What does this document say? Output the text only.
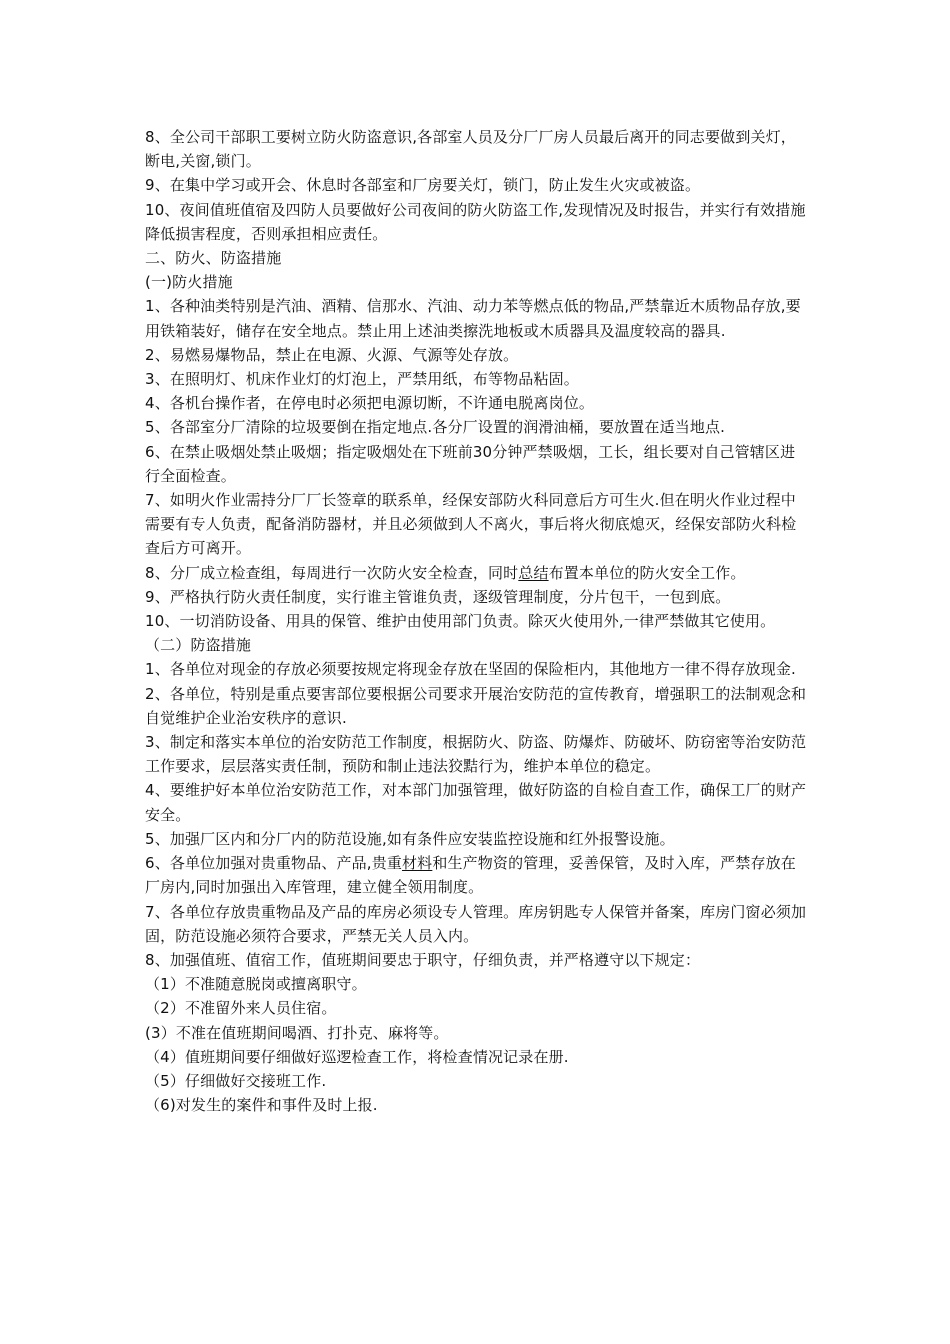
8、全公司干部职工要树立防火防盗意识,各部室人员及分厂厂房人员最后离开的同志要做到关灯，断电,关窗,锁门。

9、在集中学习或开会、休息时各部室和厂房要关灯，锁门，防止发生火灾或被盗。

10、夜间值班值宿及四防人员要做好公司夜间的防火防盗工作,发现情况及时报告，并实行有效措施降低损害程度，否则承担相应责任。

二、防火、防盗措施

(一)防火措施

1、各种油类特别是汽油、酒精、信那水、汽油、动力苯等燃点低的物品,严禁靠近木质物品存放,要用铁箱装好，储存在安全地点。禁止用上述油类擦洗地板或木质器具及温度较高的器具.

2、易燃易爆物品，禁止在电源、火源、气源等处存放。

3、在照明灯、机床作业灯的灯泡上，严禁用纸，布等物品粘固。

4、各机台操作者，在停电时必须把电源切断，不许通电脱离岗位。

5、各部室分厂清除的垃圾要倒在指定地点.各分厂设置的润滑油桶，要放置在适当地点.

6、在禁止吸烟处禁止吸烟；指定吸烟处在下班前30分钟严禁吸烟，工长，组长要对自己管辖区进行全面检查。

7、如明火作业需持分厂厂长签章的联系单，经保安部防火科同意后方可生火.但在明火作业过程中需要有专人负责，配备消防器材，并且必须做到人不离火，事后将火彻底熄灭，经保安部防火科检查后方可离开。

8、分厂成立检查组，每周进行一次防火安全检查，同时总结布置本单位的防火安全工作。

9、严格执行防火责任制度，实行谁主管谁负责，逐级管理制度，分片包干，一包到底。

10、一切消防设备、用具的保管、维护由使用部门负责。除灭火使用外,一律严禁做其它使用。

（二）防盗措施

1、各单位对现金的存放必须要按规定将现金存放在坚固的保险柜内，其他地方一律不得存放现金.

2、各单位，特别是重点要害部位要根据公司要求开展治安防范的宣传教育，增强职工的法制观念和自觉维护企业治安秩序的意识.

3、制定和落实本单位的治安防范工作制度，根据防火、防盗、防爆炸、防破坏、防窃密等治安防范工作要求，层层落实责任制，预防和制止违法狡黠行为，维护本单位的稳定。

4、要维护好本单位治安防范工作，对本部门加强管理，做好防盗的自检自查工作，确保工厂的财产安全。

5、加强厂区内和分厂内的防范设施,如有条件应安装监控设施和红外报警设施。

6、各单位加强对贵重物品、产品,贵重材料和生产物资的管理，妥善保管，及时入库，严禁存放在厂房内,同时加强出入库管理，建立健全领用制度。

7、各单位存放贵重物品及产品的库房必须设专人管理。库房钥匙专人保管并备案，库房门窗必须加固，防范设施必须符合要求，严禁无关人员入内。

8、加强值班、值宿工作，值班期间要忠于职守，仔细负责，并严格遵守以下规定：

（1）不准随意脱岗或擅离职守。

（2）不准留外来人员住宿。

(3）不准在值班期间喝酒、打扑克、麻将等。

（4）值班期间要仔细做好巡逻检查工作，将检查情况记录在册.

（5）仔细做好交接班工作.

（6)对发生的案件和事件及时上报.
